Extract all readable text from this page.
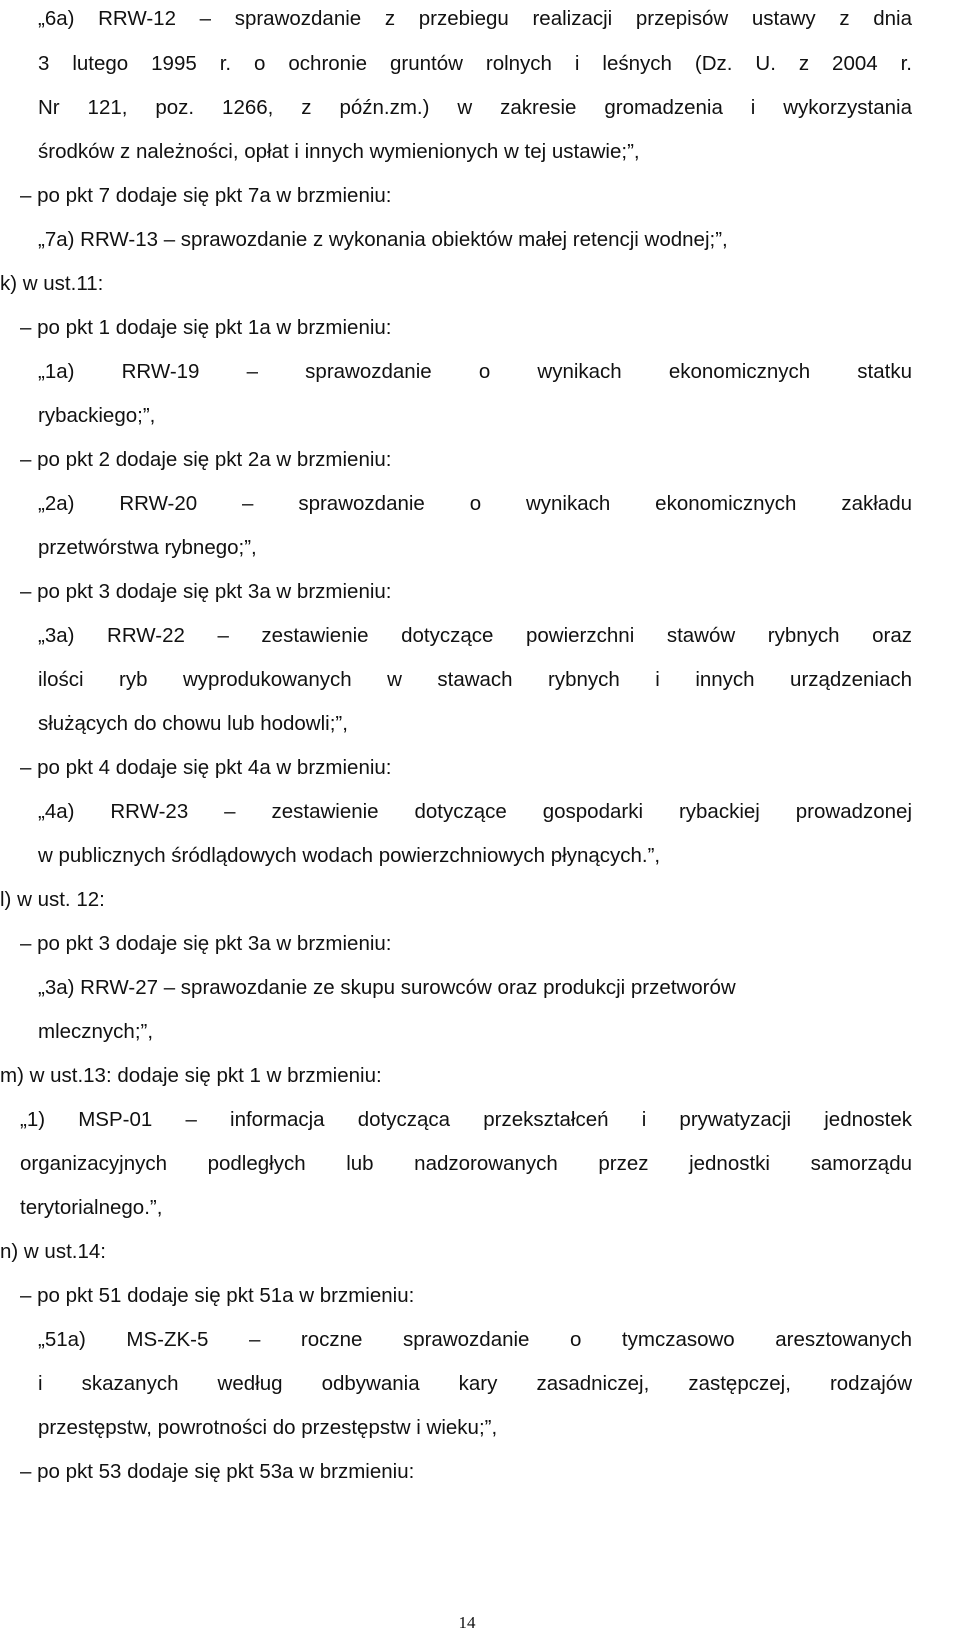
„6a) RRW-12 – sprawozdanie z przebiegu realizacji przepisów ustawy z dnia
3 lutego 1995 r. o ochronie gruntów rolnych i leśnych (Dz. U. z 2004 r.
Nr 121, poz. 1266, z późn.zm.) w zakresie gromadzenia i wykorzystania
środków z należności, opłat i innych wymienionych w tej ustawie;”,
– po pkt 7 dodaje się pkt 7a w brzmieniu:
„7a) RRW-13 – sprawozdanie z wykonania obiektów małej retencji wodnej;”,
k) w ust.11:
– po pkt 1 dodaje się pkt 1a w brzmieniu:
„1a) RRW-19 – sprawozdanie o wynikach ekonomicznych statku
rybackiego;”,
– po pkt 2 dodaje się pkt 2a w brzmieniu:
„2a) RRW-20 – sprawozdanie o wynikach ekonomicznych zakładu
przetwórstwa rybnego;”,
– po pkt 3 dodaje się pkt 3a w brzmieniu:
„3a) RRW-22 – zestawienie dotyczące powierzchni stawów rybnych oraz
ilości ryb wyprodukowanych w stawach rybnych i innych urządzeniach
służących do chowu lub hodowli;”,
– po pkt 4 dodaje się pkt 4a w brzmieniu:
„4a) RRW-23 – zestawienie dotyczące gospodarki rybackiej prowadzonej
w publicznych śródlądowych wodach powierzchniowych płynących.”,
l) w ust. 12:
– po pkt 3 dodaje się pkt 3a w brzmieniu:
„3a) RRW-27 – sprawozdanie ze skupu surowców oraz produkcji przetworów
mlecznych;”,
m) w ust.13: dodaje się pkt 1 w brzmieniu:
„1) MSP-01 – informacja dotycząca przekształceń i prywatyzacji jednostek
organizacyjnych podległych lub nadzorowanych przez jednostki samorządu
terytorialnego.”,
n) w ust.14:
– po pkt 51 dodaje się pkt 51a w brzmieniu:
„51a) MS-ZK-5 – roczne sprawozdanie o tymczasowo aresztowanych
i skazanych według odbywania kary zasadniczej, zastępczej, rodzajów
przestępstw, powrotności do przestępstw i wieku;”,
– po pkt 53 dodaje się pkt 53a w brzmieniu:
14
